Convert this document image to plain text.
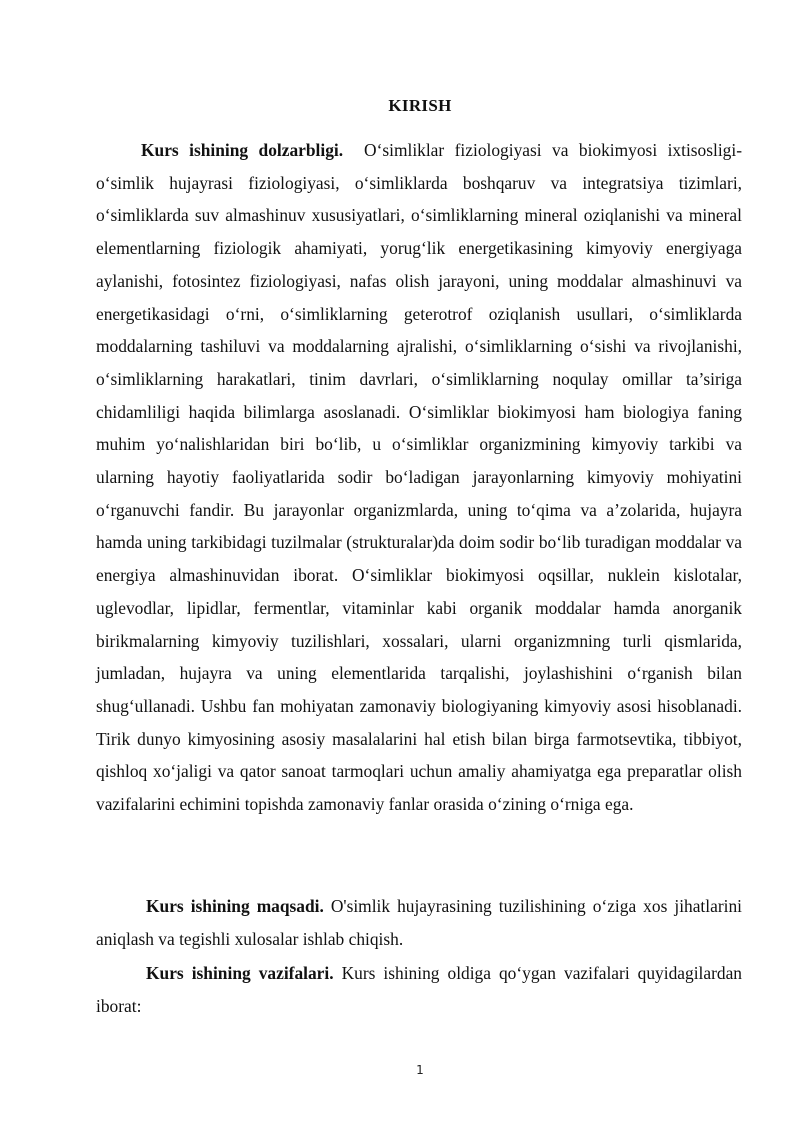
KIRISH

Kurs ishining dolzarbligi. O‘simliklar fiziologiyasi va biokimyosi ixtisosligi- o‘simlik hujayrasi fiziologiyasi, o‘simliklarda boshqaruv va integratsiya tizimlari, o‘simliklarda suv almashinuv xususiyatlari, o‘simliklarning mineral oziqlanishi va mineral elementlarning fiziologik ahamiyati, yorug‘lik energetikasining kimyoviy energiyaga aylanishi, fotosintez fiziologiyasi, nafas olish jarayoni, uning moddalar almashinuvi va energetikasidagi o‘rni, o‘simliklarning geterotrof oziqlanish usullari, o‘simliklarda moddalarning tashiluvi va moddalarning ajralishi, o‘simliklarning o‘sishi va rivojlanishi, o‘simliklarning harakatlari, tinim davrlari, o‘simliklarning noqulay omillar ta’siriga chidamliligi haqida bilimlarga asoslanadi. O‘simliklar biokimyosi ham biologiya faning muhim yo‘nalishlaridan biri bo‘lib, u o‘simliklar organizmining kimyoviy tarkibi va ularning hayotiy faoliyatlarida sodir bo‘ladigan jarayonlarning kimyoviy mohiyatini o‘rganuvchi fandir. Bu jarayonlar organizmlarda, uning to‘qima va a’zolarida, hujayra hamda uning tarkibidagi tuzilmalar (strukturalar)da doim sodir bo‘lib turadigan moddalar va energiya almashinuvidan iborat. O‘simliklar biokimyosi oqsillar, nuklein kislotalar, uglevodlar, lipidlar, fermentlar, vitaminlar kabi organik moddalar hamda anorganik birikmalarning kimyoviy tuzilishlari, xossalari, ularni organizmning turli qismlarida, jumladan, hujayra va uning elementlarida tarqalishi, joylashishini o‘rganish bilan shug‘ullanadi. Ushbu fan mohiyatan zamonaviy biologiyaning kimyoviy asosi hisoblanadi. Tirik dunyo kimyosining asosiy masalalarini hal etish bilan birga farmotsevtika, tibbiyot, qishloq xo‘jaligi va qator sanoat tarmoqlari uchun amaliy ahamiyatga ega preparatlar olish vazifalarini echimini topishda zamonaviy fanlar orasida o‘zining o‘rniga ega.

Kurs ishining maqsadi. O'simlik hujayrasining tuzilishining o‘ziga xos jihatlarini aniqlash va tegishli xulosalar ishlab chiqish.

Kurs ishining vazifalari. Kurs ishining oldiga qo‘ygan vazifalari quyidagilardan iborat:

1
